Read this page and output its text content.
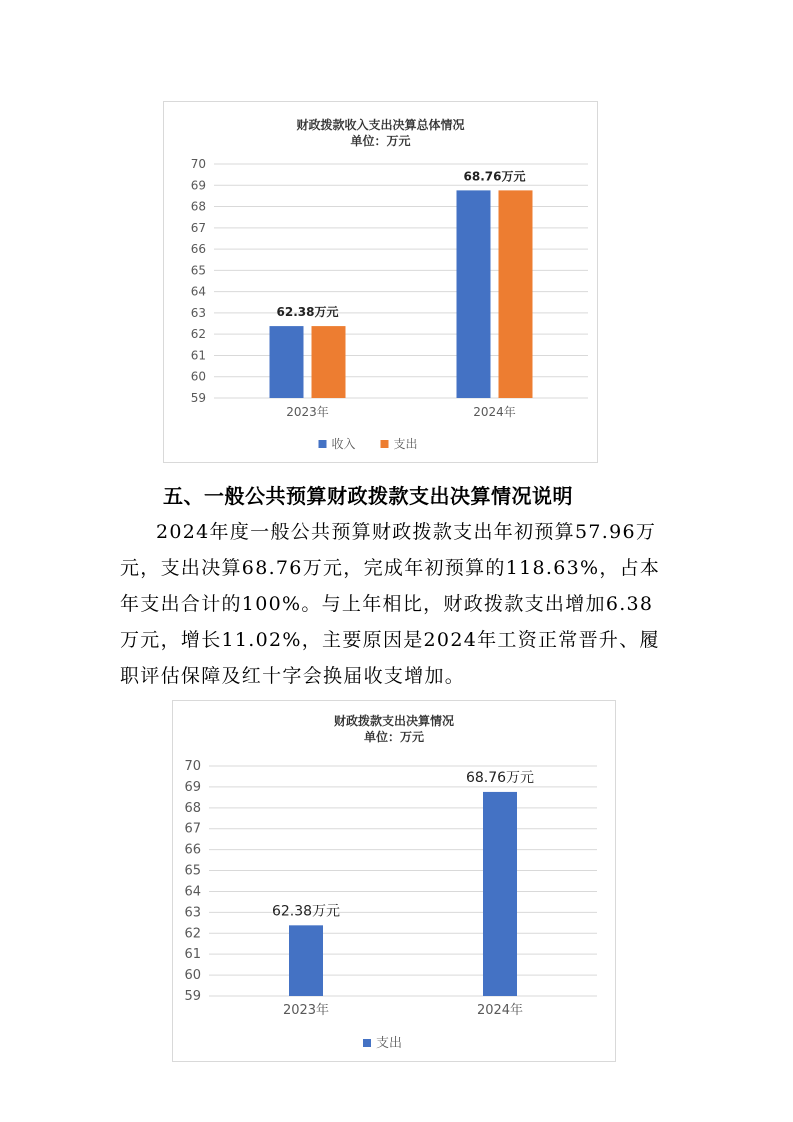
财政拨款收入支出决算总体情况
单位：万元
59
60
61
62
63
64
65
66
67
68
69
70
62.38万元
2023年
68.76万元
2024年
收入	支出
五、一般公共预算财政拨款支出决算情况说明
2024年度一般公共预算财政拨款支出年初预算57.96万
元，支出决算68.76万元，完成年初预算的118.63%，占本
年支出合计的100%。与上年相比，财政拨款支出增加6.38
万元，增长11.02%，主要原因是2024年工资正常晋升、履
职评估保障及红十字会换届收支增加。
财政拨款支出决算情况
单位：万元
59
60
61
62
63
64
65
66
67
68
69
70
62.38万元
2023年
68.76万元
2024年
支出
